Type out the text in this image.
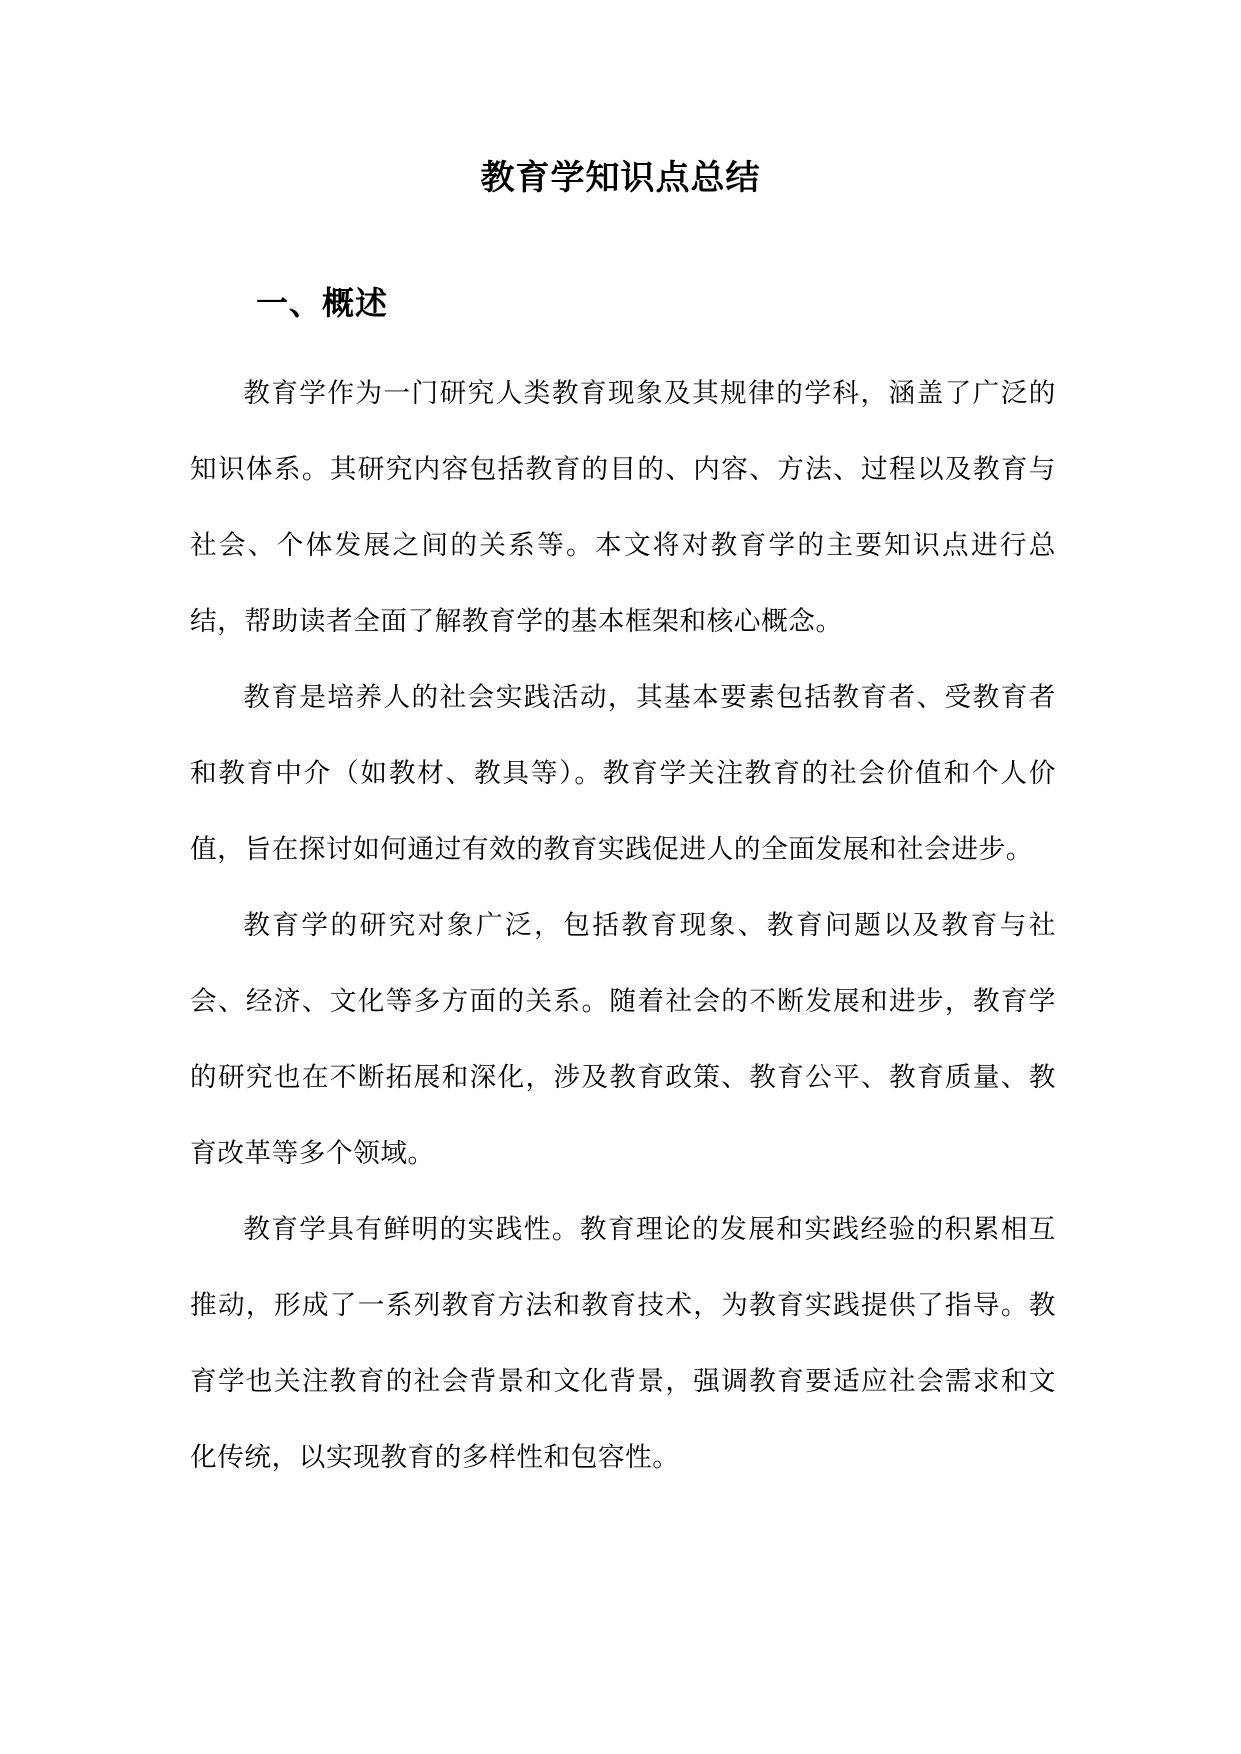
教育学知识点总结
一、概述

教育学作为一门研究人类教育现象及其规律的学科，涵盖了广泛的知识体系。其研究内容包括教育的目的、内容、方法、过程以及教育与社会、个体发展之间的关系等。本文将对教育学的主要知识点进行总结，帮助读者全面了解教育学的基本框架和核心概念。

教育是培养人的社会实践活动，其基本要素包括教育者、受教育者和教育中介（如教材、教具等）。教育学关注教育的社会价值和个人价值，旨在探讨如何通过有效的教育实践促进人的全面发展和社会进步。

教育学的研究对象广泛，包括教育现象、教育问题以及教育与社会、经济、文化等多方面的关系。随着社会的不断发展和进步，教育学的研究也在不断拓展和深化，涉及教育政策、教育公平、教育质量、教育改革等多个领域。

教育学具有鲜明的实践性。教育理论的发展和实践经验的积累相互推动，形成了一系列教育方法和教育技术，为教育实践提供了指导。教育学也关注教育的社会背景和文化背景，强调教育要适应社会需求和文化传统，以实现教育的多样性和包容性。
